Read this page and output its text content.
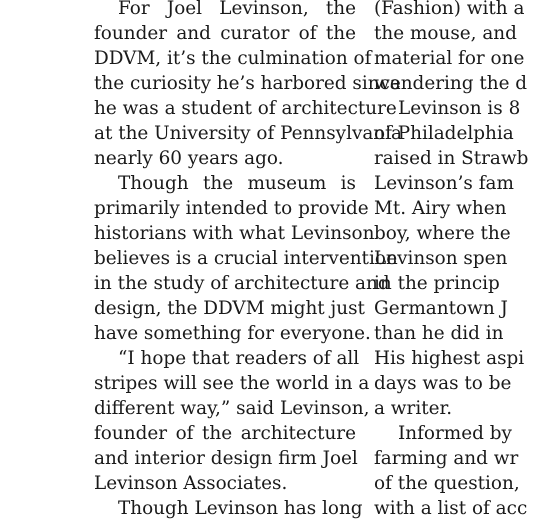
For Joel Levinson, the
founder and curator of the
DDVM, it’s the culmination of
the curiosity he’s harbored since
he was a student of architecture
at the University of Pennsylvania
nearly 60 years ago.
Though the museum is
primarily intended to provide
historians with what Levinson
believes is a crucial intervention
in the study of architecture and
design, the DDVM might just
have something for everyone.
“I hope that readers of all
stripes will see the world in a
different way,” said Levinson,
founder of the architecture
and interior design firm Joel
Levinson Associates.
Though Levinson has long
(Fashion) with a
the mouse, and
material for one
wandering the d
Levinson is 8
of Philadelphia
raised in Strawb
Levinson’s fam
Mt. Airy when
boy, where the
Levinson spen
in the princip
Germantown J
than he did in
His highest aspi
days was to be
a writer.
Informed by
farming and wr
of the question,
with a list of acc
